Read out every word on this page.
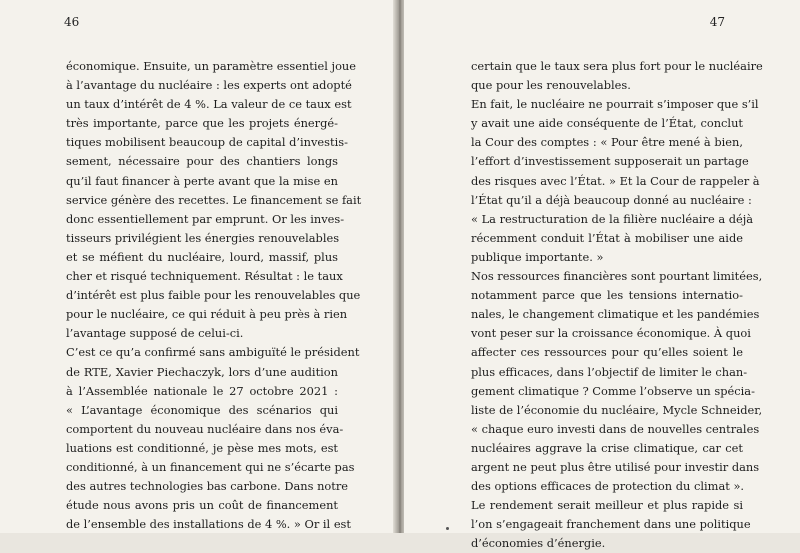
46
économique. Ensuite, un paramètre essentiel joue
à l’avantage du nucléaire : les experts ont adopté
un taux d’intérêt de 4 %. La valeur de ce taux est
très importante, parce que les projets énergé-
tiques mobilisent beaucoup de capital d’investis-
sement, nécessaire pour des chantiers longs
qu’il faut financer à perte avant que la mise en
service génère des recettes. Le financement se fait
donc essentiellement par emprunt. Or les inves-
tisseurs privilégient les énergies renouvelables
et se méfient du nucléaire, lourd, massif, plus
cher et risqué techniquement. Résultat : le taux
d’intérêt est plus faible pour les renouvelables que
pour le nucléaire, ce qui réduit à peu près à rien
l’avantage supposé de celui-ci.
C’est ce qu’a confirmé sans ambiguïté le président
de RTE, Xavier Piechaczyk, lors d’une audition
à l’Assemblée nationale le 27 octobre 2021 :
« L’avantage économique des scénarios qui
comportent du nouveau nucléaire dans nos éva-
luations est conditionné, je pèse mes mots, est
conditionné, à un financement qui ne s’écarte pas
des autres technologies bas carbone. Dans notre
étude nous avons pris un coût de financement
de l’ensemble des installations de 4 %. » Or il est
47
certain que le taux sera plus fort pour le nucléaire
que pour les renouvelables.
En fait, le nucléaire ne pourrait s’imposer que s’il
y avait une aide conséquente de l’État, conclut
la Cour des comptes : « Pour être mené à bien,
l’effort d’investissement supposerait un partage
des risques avec l’État. » Et la Cour de rappeler à
l’État qu’il a déjà beaucoup donné au nucléaire :
« La restructuration de la filière nucléaire a déjà
récemment conduit l’État à mobiliser une aide
publique importante. »
Nos ressources financières sont pourtant limitées,
notamment parce que les tensions internatio-
nales, le changement climatique et les pandémies
vont peser sur la croissance économique. À quoi
affecter ces ressources pour qu’elles soient le
plus efficaces, dans l’objectif de limiter le chan-
gement climatique ? Comme l’observe un spécia-
liste de l’économie du nucléaire, Mycle Schneider,
« chaque euro investi dans de nouvelles centrales
nucléaires aggrave la crise climatique, car cet
argent ne peut plus être utilisé pour investir dans
des options efficaces de protection du climat ».
Le rendement serait meilleur et plus rapide si
l’on s’engageait franchement dans une politique
d’économies d’énergie.
